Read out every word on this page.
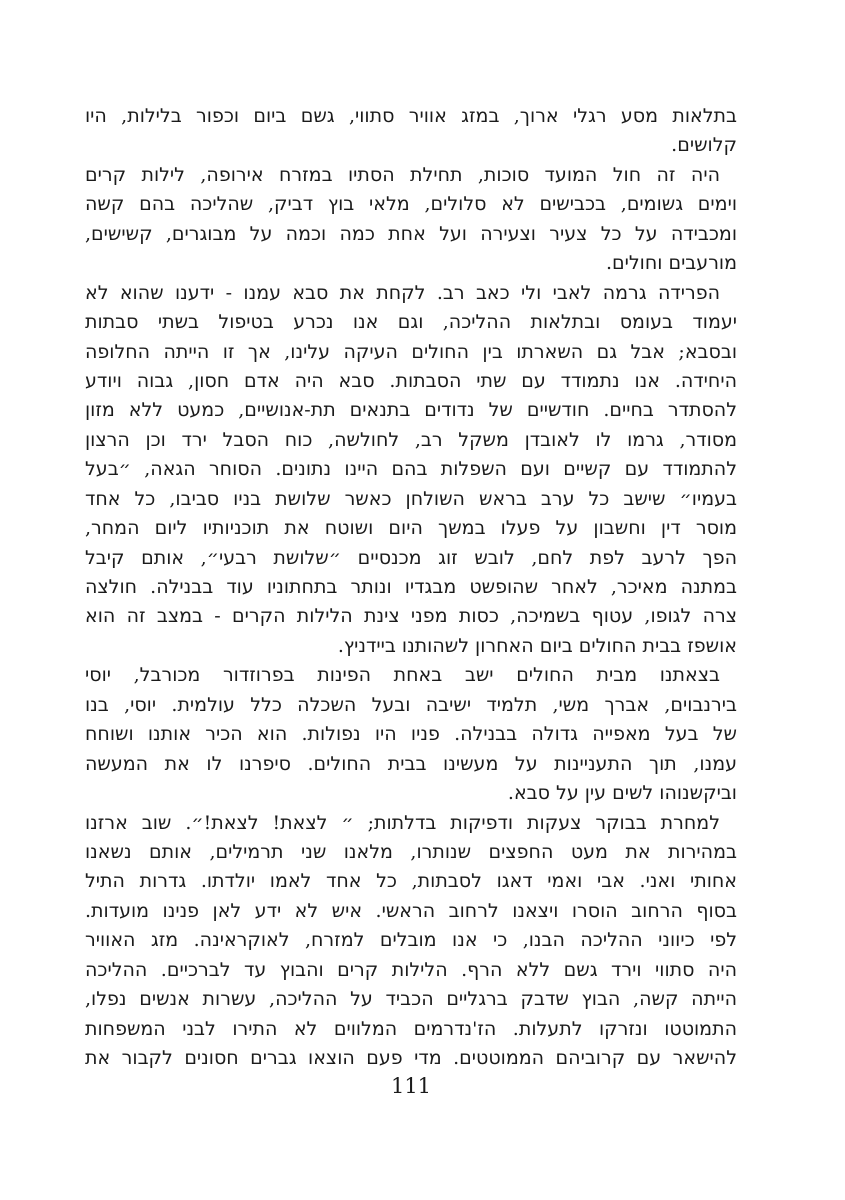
בתלאות מסע רגלי ארוך, במזג אוויר סתווי, גשם ביום וכפור בלילות, היו
קלושים.
היה זה חול המועד סוכות, תחילת הסתיו במזרח אירופה, לילות קרים
וימים גשומים, בכבישים לא סלולים, מלאי בוץ דביק, שהליכה בהם קשה
ומכבידה על כל צעיר וצעירה ועל אחת כמה וכמה על מבוגרים, קשישים,
מורעבים וחולים.
הפרידה גרמה לאבי ולי כאב רב. לקחת את סבא עמנו - ידענו שהוא לא
יעמוד בעומס ובתלאות ההליכה, וגם אנו נכרע בטיפול בשתי סבתות
ובסבא; אבל גם השארתו בין החולים העיקה עלינו, אך זו הייתה החלופה
היחידה. אנו נתמודד עם שתי הסבתות. סבא היה אדם חסון, גבוה ויודע
להסתדר בחיים. חודשיים של נדודים בתנאים תת-אנושיים, כמעט ללא מזון
מסודר, גרמו לו לאובדן משקל רב, לחולשה, כוח הסבל ירד וכן הרצון
להתמודד עם קשיים ועם השפלות בהם היינו נתונים. הסוחר הגאה, ״בעל
בעמיו״ שישב כל ערב בראש השולחן כאשר שלושת בניו סביבו, כל אחד
מוסר דין וחשבון על פעלו במשך היום ושוטח את תוכניותיו ליום המחר,
הפך לרעב לפת לחם, לובש זוג מכנסיים ״שלושת רבעי״, אותם קיבל
במתנה מאיכר, לאחר שהופשט מבגדיו ונותר בתחתוניו עוד בבנילה. חולצה
צרה לגופו, עטוף בשמיכה, כסות מפני צינת הלילות הקרים - במצב זה הוא
אושפז בבית החולים ביום האחרון לשהותנו ביידניץ.
בצאתנו מבית החולים ישב באחת הפינות בפרוזדור מכורבל, יוסי
בירנבוים, אברך משי, תלמיד ישיבה ובעל השכלה כלל עולמית. יוסי, בנו
של בעל מאפייה גדולה בבנילה. פניו היו נפולות. הוא הכיר אותנו ושוחח
עמנו, תוך התעניינות על מעשינו בבית החולים. סיפרנו לו את המעשה
וביקשנוהו לשים עין על סבא.
למחרת בבוקר צעקות ודפיקות בדלתות; ״ לצאת! לצאת!״. שוב ארזנו
במהירות את מעט החפצים שנותרו, מלאנו שני תרמילים, אותם נשאנו
אחותי ואני. אבי ואמי דאגו לסבתות, כל אחד לאמו יולדתו. גדרות התיל
בסוף הרחוב הוסרו ויצאנו לרחוב הראשי. איש לא ידע לאן פנינו מועדות.
לפי כיווני ההליכה הבנו, כי אנו מובלים למזרח, לאוקראינה. מזג האוויר
היה סתווי וירד גשם ללא הרף. הלילות קרים והבוץ עד לברכיים. ההליכה
הייתה קשה, הבוץ שדבק ברגליים הכביד על ההליכה, עשרות אנשים נפלו,
התמוטטו ונזרקו לתעלות. הז'נדרמים המלווים לא התירו לבני המשפחות
להישאר עם קרוביהם הממוטטים. מדי פעם הוצאו גברים חסונים לקבור את
111
